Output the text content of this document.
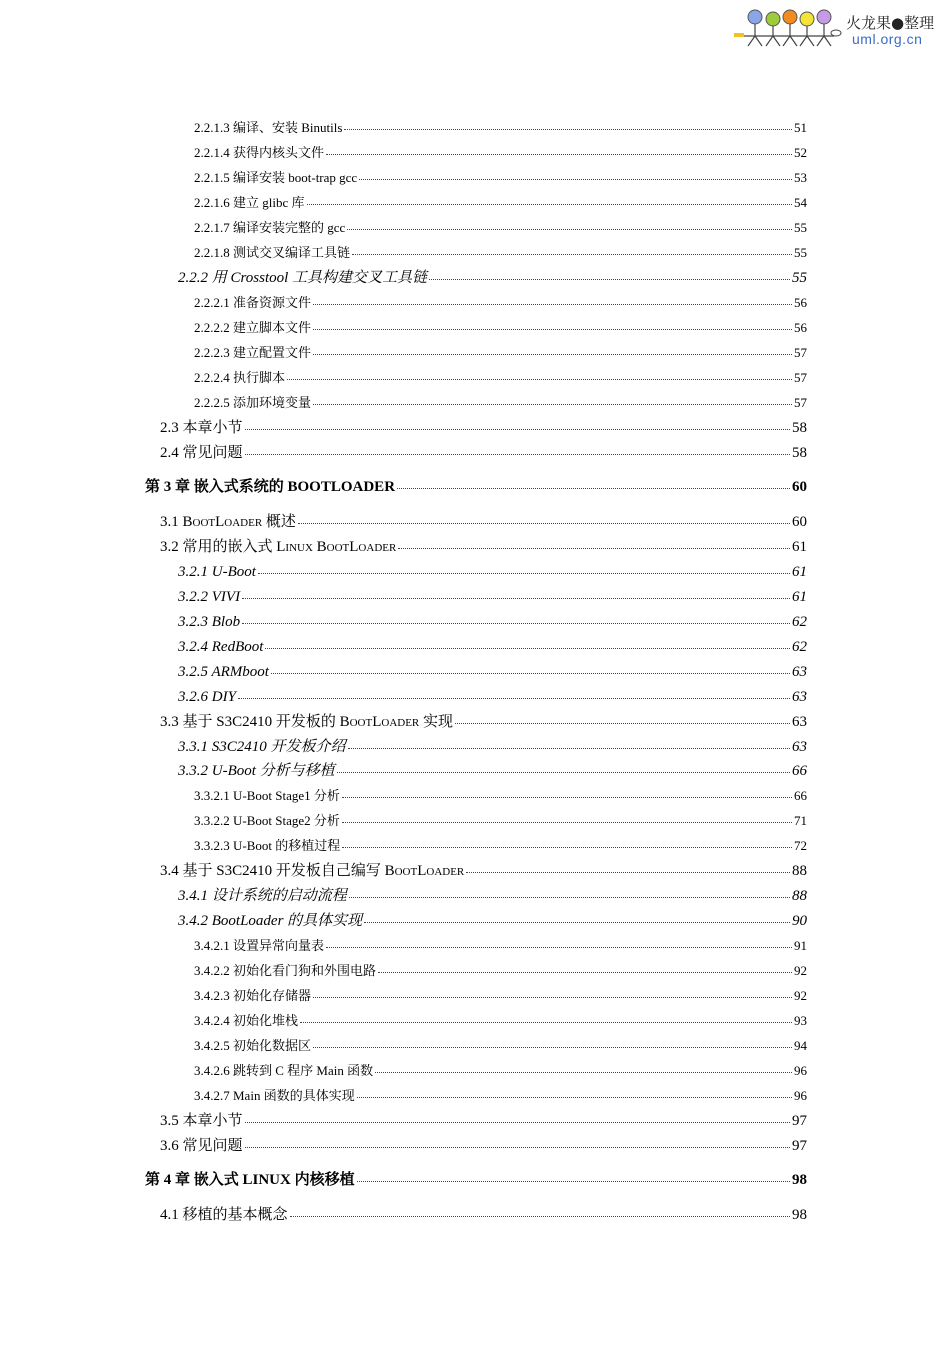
火龙果●整理
uml.org.cn
2.2.1.3 编译、安装 Binutils	51
2.2.1.4 获得内核头文件	52
2.2.1.5 编译安装 boot-trap gcc	53
2.2.1.6 建立 glibc 库	54
2.2.1.7 编译安装完整的 gcc	55
2.2.1.8 测试交叉编译工具链	55
2.2.2 用 Crosstool 工具构建交叉工具链	55
2.2.2.1 准备资源文件	56
2.2.2.2 建立脚本文件	56
2.2.2.3 建立配置文件	57
2.2.2.4 执行脚本	57
2.2.2.5 添加环境变量	57
2.3 本章小节	58
2.4 常见问题	58
第 3 章 嵌入式系统的 BOOTLOADER	60
3.1 BootLoader 概述	60
3.2 常用的嵌入式 Linux BootLoader	61
3.2.1 U-Boot	61
3.2.2 VIVI	61
3.2.3 Blob	62
3.2.4 RedBoot	62
3.2.5 ARMboot	63
3.2.6 DIY	63
3.3 基于 S3C2410 开发板的 BootLoader 实现	63
3.3.1 S3C2410 开发板介绍	63
3.3.2 U-Boot 分析与移植	66
3.3.2.1 U-Boot Stage1 分析	66
3.3.2.2 U-Boot Stage2 分析	71
3.3.2.3 U-Boot 的移植过程	72
3.4 基于 S3C2410 开发板自己编写 BootLoader	88
3.4.1 设计系统的启动流程	88
3.4.2 BootLoader 的具体实现	90
3.4.2.1 设置异常向量表	91
3.4.2.2 初始化看门狗和外围电路	92
3.4.2.3 初始化存储器	92
3.4.2.4 初始化堆栈	93
3.4.2.5 初始化数据区	94
3.4.2.6 跳转到 C 程序 Main 函数	96
3.4.2.7 Main 函数的具体实现	96
3.5 本章小节	97
3.6 常见问题	97
第 4 章 嵌入式 LINUX 内核移植	98
4.1 移植的基本概念	98
